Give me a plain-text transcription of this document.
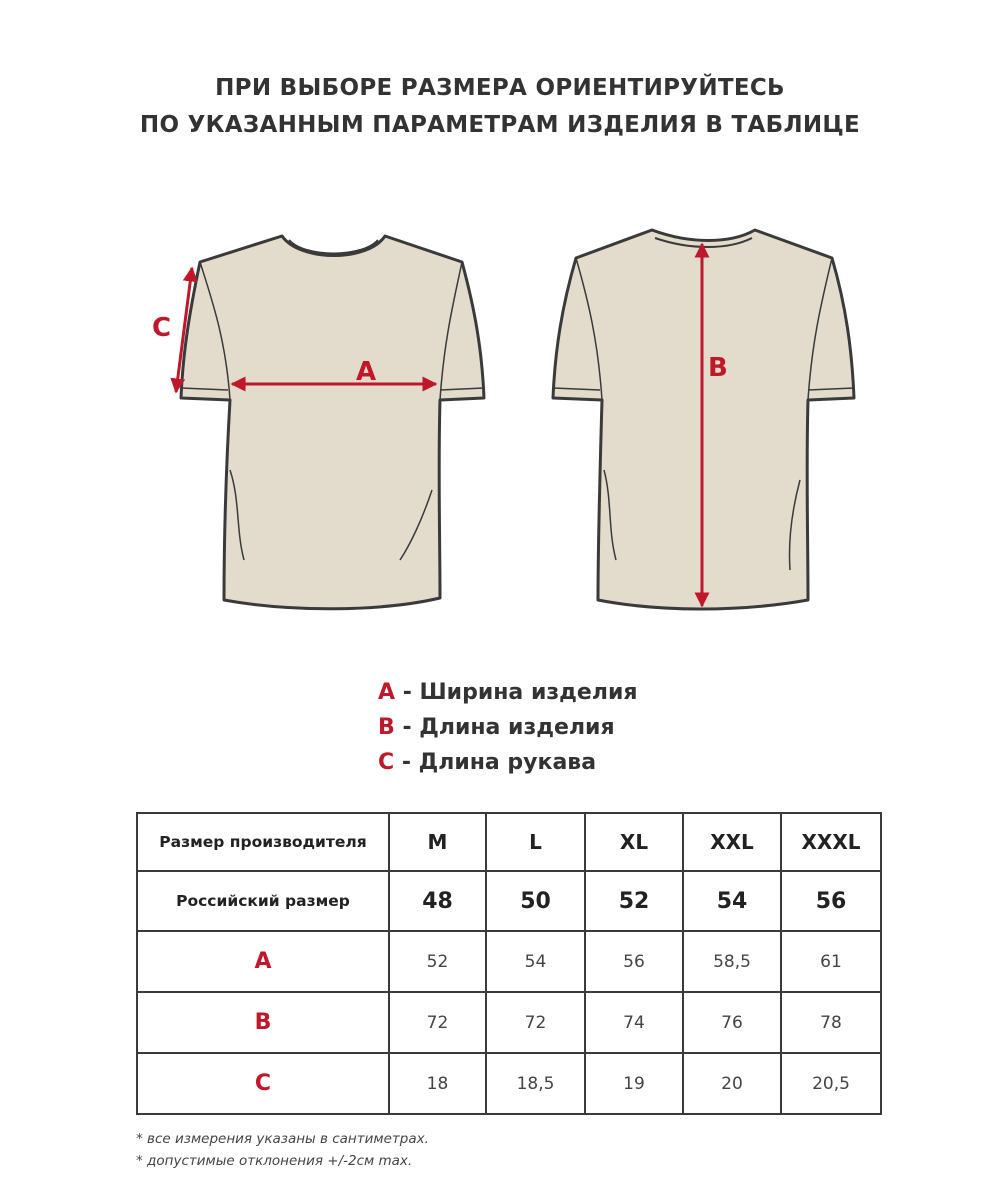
ПРИ ВЫБОРЕ РАЗМЕРА ОРИЕНТИРУЙТЕСЬ
ПО УКАЗАННЫМ ПАРАМЕТРАМ ИЗДЕЛИЯ В ТАБЛИЦЕ
A
C
B
A - Ширина изделия
B - Длина изделия
C - Длина рукава
Размер производителя	M	L	XL	XXL	XXXL
Российский размер	48	50	52	54	56
A	52	54	56	58,5	61
B	72	72	74	76	78
C	18	18,5	19	20	20,5
* все измерения указаны в сантиметрах.
* допустимые отклонения +/-2см max.
